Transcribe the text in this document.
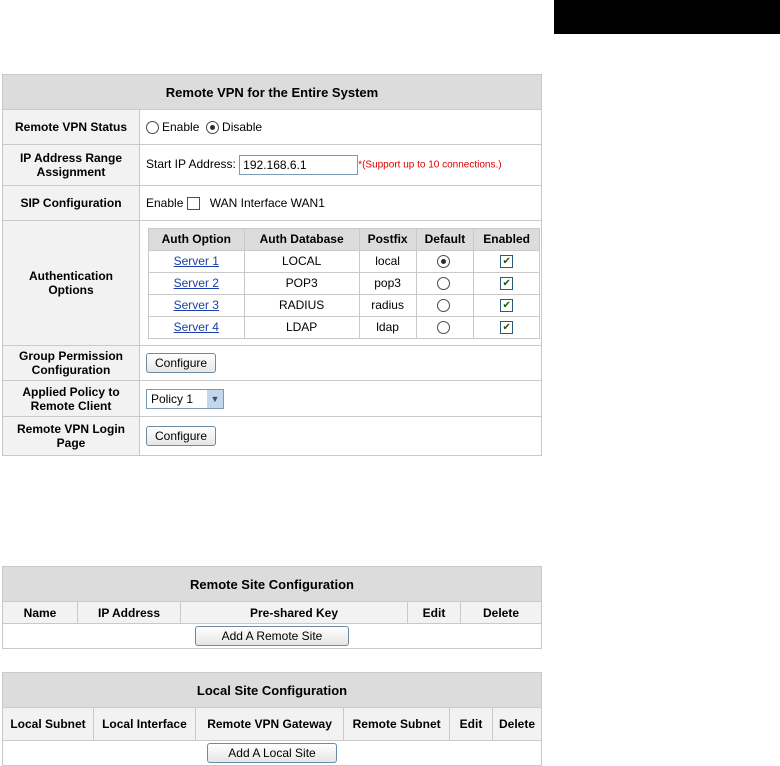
Remote VPN for the Entire System
Remote VPN Status	Enable Disable
IP Address Range Assignment	Start IP Address: 192.168.6.1	*(Support up to 10 connections.)
SIP Configuration	Enable WAN Interface WAN1
Authentication Options	
Auth Option	Auth Database	Postfix	Default	Enabled
Server 1	LOCAL	local		✔
Server 2	POP3	pop3		✔
Server 3	RADIUS	radius		✔
Server 4	LDAP	ldap		✔

Group Permission Configuration	Configure
Applied Policy to Remote Client	Policy 1	▼

Remote VPN Login Page	Configure
Remote Site Configuration
Name	IP Address	Pre-shared Key	Edit	Delete
Add A Remote Site
Local Site Configuration
Local Subnet	Local Interface	Remote VPN Gateway	Remote Subnet	Edit	Delete
Add A Local Site
